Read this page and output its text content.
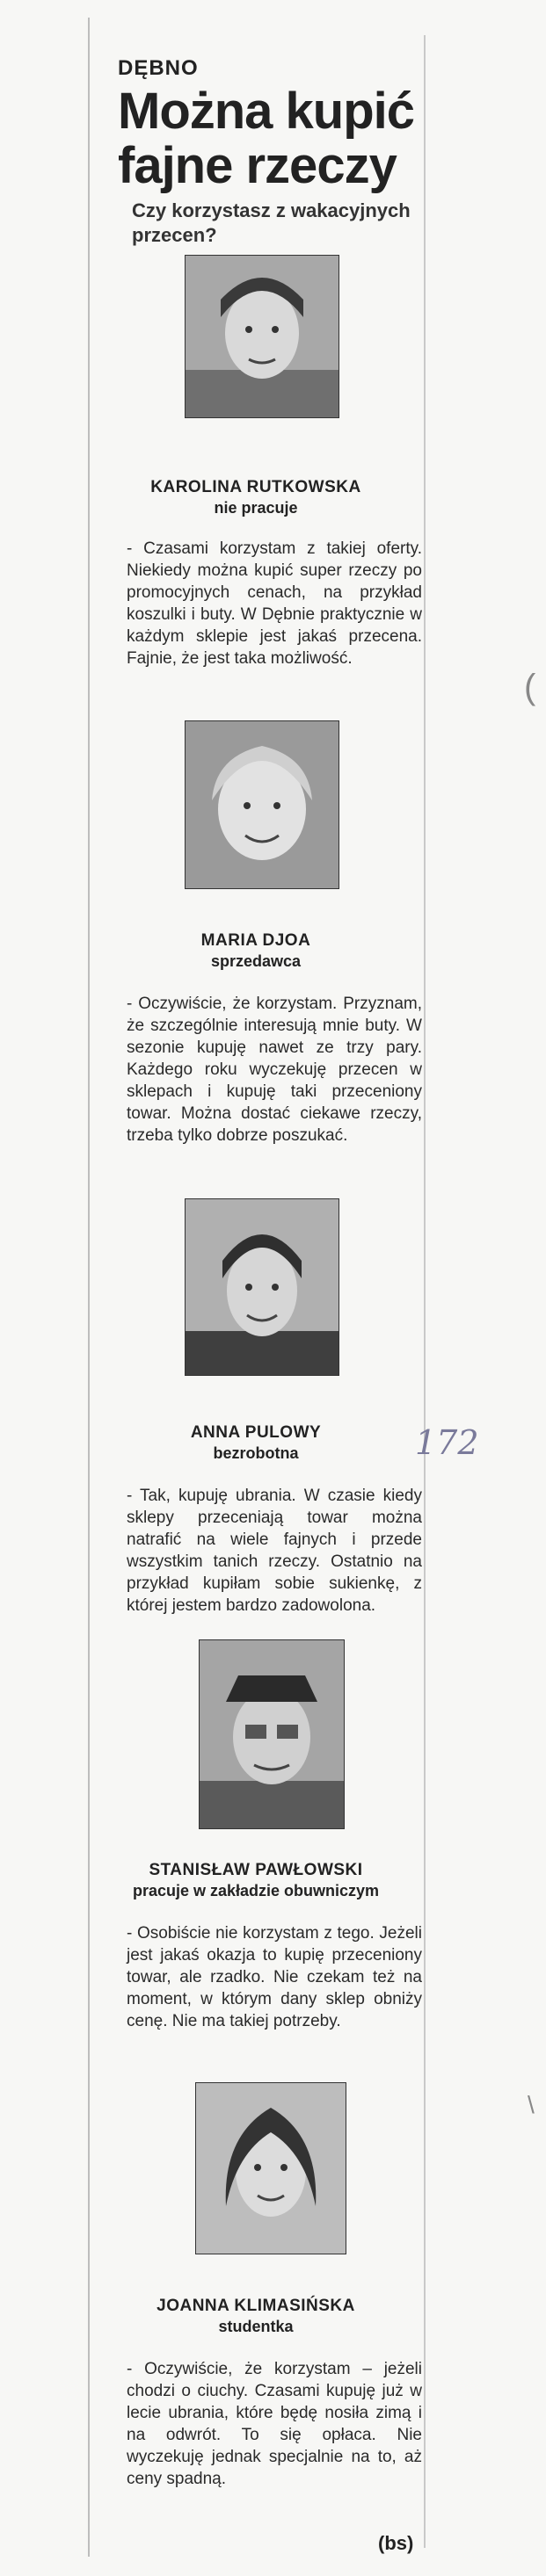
(
\
DĘBNO
Można kupić fajne rzeczy
Czy korzystasz z wakacyjnych przecen?
KAROLINA RUTKOWSKA
nie pracuje
- Czasami korzystam z takiej oferty. Niekiedy można kupić super rzeczy po promocyjnych cenach, na przykład koszulki i buty. W Dębnie praktycznie w każdym sklepie jest jakaś przecena. Fajnie, że jest taka możliwość.
MARIA DJOA
sprzedawca
- Oczywiście, że korzystam. Przyznam, że szczególnie interesują mnie buty. W sezonie kupuję nawet ze trzy pary. Każdego roku wyczekuję przecen w sklepach i kupuję taki przeceniony towar. Można dostać ciekawe rzeczy, trzeba tylko dobrze poszukać.
ANNA PULOWY
bezrobotna
- Tak, kupuję ubrania. W czasie kiedy sklepy przeceniają towar można natrafić na wiele fajnych i przede wszystkim tanich rzeczy. Ostatnio na przykład kupiłam sobie sukienkę, z której jestem bardzo zadowolona.
172
STANISŁAW PAWŁOWSKI
pracuje w zakładzie obuwniczym
- Osobiście nie korzystam z tego. Jeżeli jest jakaś okazja to kupię przeceniony towar, ale rzadko. Nie czekam też na moment, w którym dany sklep obniży cenę. Nie ma takiej potrzeby.
JOANNA KLIMASIŃSKA
studentka
- Oczywiście, że korzystam – jeżeli chodzi o ciuchy. Czasami kupuję już w lecie ubrania, które będę nosiła zimą i na odwrót. To się opłaca. Nie wyczekuję jednak specjalnie na to, aż ceny spadną.
(bs)
